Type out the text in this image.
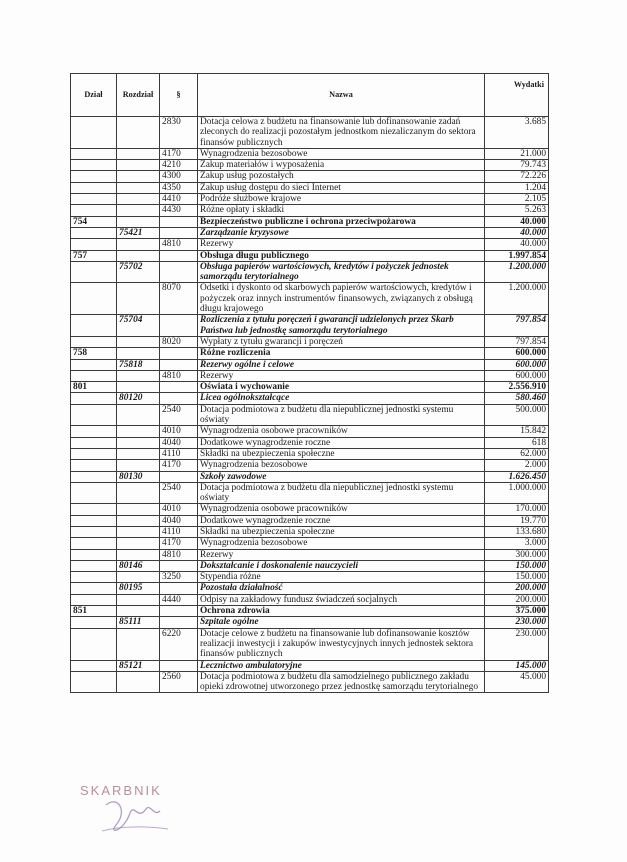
Dział	Rozdział	§	Nazwa	Wydatki
		2830	Dotacja celowa z budżetu na finansowanie lub dofinansowanie zadań zleconych do realizacji pozostałym jednostkom niezaliczanym do sektora finansów publicznych	3.685
		4170	Wynagrodzenia bezosobowe	21.000
		4210	Zakup materiałów i wyposażenia	79.743
		4300	Zakup usług pozostałych	72.226
		4350	Zakup usług dostępu do sieci Internet	1.204
		4410	Podróże służbowe krajowe	2.105
		4430	Różne opłaty i składki	5.263
754			Bezpieczeństwo publiczne i ochrona przeciwpożarowa	40.000
	75421		Zarządzanie kryzysowe	40.000
		4810	Rezerwy	40.000
757			Obsługa długu publicznego	1.997.854
	75702		Obsługa papierów wartościowych, kredytów i pożyczek jednostek samorządu terytorialnego	1.200.000
		8070	Odsetki i dyskonto od skarbowych papierów wartościowych, kredytów i pożyczek oraz innych instrumentów finansowych, związanych z obsługą długu krajowego	1.200.000
	75704		Rozliczenia z tytułu poręczeń i gwarancji udzielonych przez Skarb Państwa lub jednostkę samorządu terytorialnego	797.854
		8020	Wypłaty z tytułu gwarancji i poręczeń	797.854
758			Różne rozliczenia	600.000
	75818		Rezerwy ogólne i celowe	600.000
		4810	Rezerwy	600.000
801			Oświata i wychowanie	2.556.910
	80120		Licea ogólnokształcące	580.460
		2540	Dotacja podmiotowa z budżetu dla niepublicznej jednostki systemu oświaty	500.000
		4010	Wynagrodzenia osobowe pracowników	15.842
		4040	Dodatkowe wynagrodzenie roczne	618
		4110	Składki na ubezpieczenia społeczne	62.000
		4170	Wynagrodzenia bezosobowe	2.000
	80130		Szkoły zawodowe	1.626.450
		2540	Dotacja podmiotowa z budżetu dla niepublicznej jednostki systemu oświaty	1.000.000
		4010	Wynagrodzenia osobowe pracowników	170.000
		4040	Dodatkowe wynagrodzenie roczne	19.770
		4110	Składki na ubezpieczenia społeczne	133.680
		4170	Wynagrodzenia bezosobowe	3.000
		4810	Rezerwy	300.000
	80146		Dokształcanie i doskonalenie nauczycieli	150.000
		3250	Stypendia różne	150.000
	80195		Pozostała działalność	200.000
		4440	Odpisy na zakładowy fundusz świadczeń socjalnych	200.000
851			Ochrona zdrowia	375.000
	85111		Szpitale ogólne	230.000
		6220	Dotacje celowe z budżetu na finansowanie lub dofinansowanie kosztów realizacji inwestycji i zakupów inwestycyjnych innych jednostek sektora finansów publicznych	230.000
	85121		Lecznictwo ambulatoryjne	145.000
		2560	Dotacja podmiotowa z budżetu dla samodzielnego publicznego zakładu opieki zdrowotnej utworzonego przez jednostkę samorządu terytorialnego	45.000
SKARBNIK
